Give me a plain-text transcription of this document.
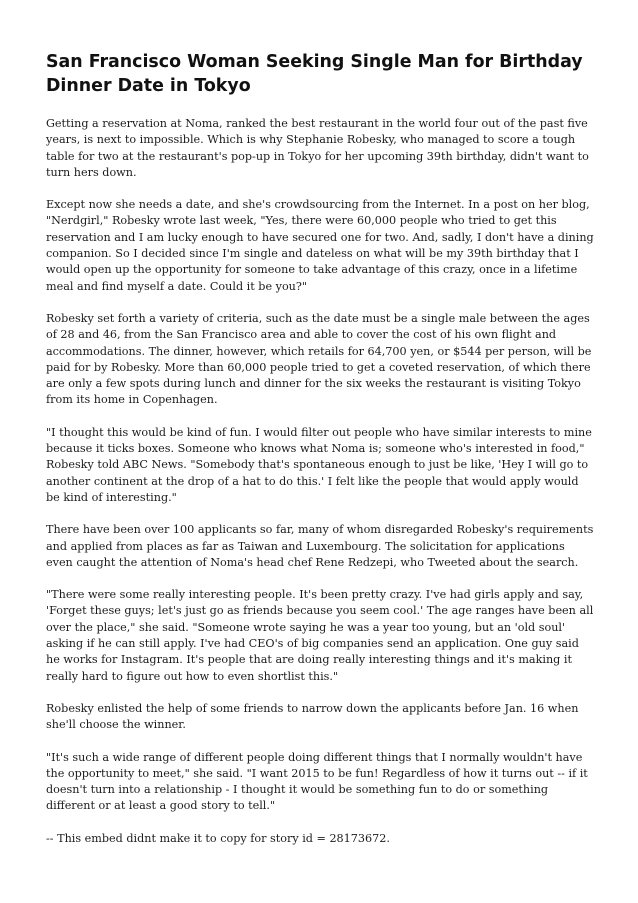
San Francisco Woman Seeking Single Man for Birthday Dinner Date in Tokyo

Getting a reservation at Noma, ranked the best restaurant in the world four out of the past five years, is next to impossible. Which is why Stephanie Robesky, who managed to score a tough table for two at the restaurant's pop-up in Tokyo for her upcoming 39th birthday, didn't want to turn hers down.

Except now she needs a date, and she's crowdsourcing from the Internet. In a post on her blog, "Nerdgirl," Robesky wrote last week, "Yes, there were 60,000 people who tried to get this reservation and I am lucky enough to have secured one for two. And, sadly, I don't have a dining companion. So I decided since I'm single and dateless on what will be my 39th birthday that I would open up the opportunity for someone to take advantage of this crazy, once in a lifetime meal and find myself a date. Could it be you?"

Robesky set forth a variety of criteria, such as the date must be a single male between the ages of 28 and 46, from the San Francisco area and able to cover the cost of his own flight and accommodations. The dinner, however, which retails for 64,700 yen, or $544 per person, will be paid for by Robesky. More than 60,000 people tried to get a coveted reservation, of which there are only a few spots during lunch and dinner for the six weeks the restaurant is visiting Tokyo from its home in Copenhagen.

"I thought this would be kind of fun. I would filter out people who have similar interests to mine because it ticks boxes. Someone who knows what Noma is; someone who's interested in food," Robesky told ABC News. "Somebody that's spontaneous enough to just be like, 'Hey I will go to another continent at the drop of a hat to do this.' I felt like the people that would apply would be kind of interesting."

There have been over 100 applicants so far, many of whom disregarded Robesky's requirements and applied from places as far as Taiwan and Luxembourg. The solicitation for applications even caught the attention of Noma's head chef Rene Redzepi, who Tweeted about the search.

"There were some really interesting people. It's been pretty crazy. I've had girls apply and say, 'Forget these guys; let's just go as friends because you seem cool.' The age ranges have been all over the place," she said. "Someone wrote saying he was a year too young, but an 'old soul' asking if he can still apply. I've had CEO's of big companies send an application. One guy said he works for Instagram. It's people that are doing really interesting things and it's making it really hard to figure out how to even shortlist this."

Robesky enlisted the help of some friends to narrow down the applicants before Jan. 16 when she'll choose the winner.

"It's such a wide range of different people doing different things that I normally wouldn't have the opportunity to meet," she said. "I want 2015 to be fun! Regardless of how it turns out -- if it doesn't turn into a relationship - I thought it would be something fun to do or something different or at least a good story to tell."

-- This embed didnt make it to copy for story id = 28173672.
